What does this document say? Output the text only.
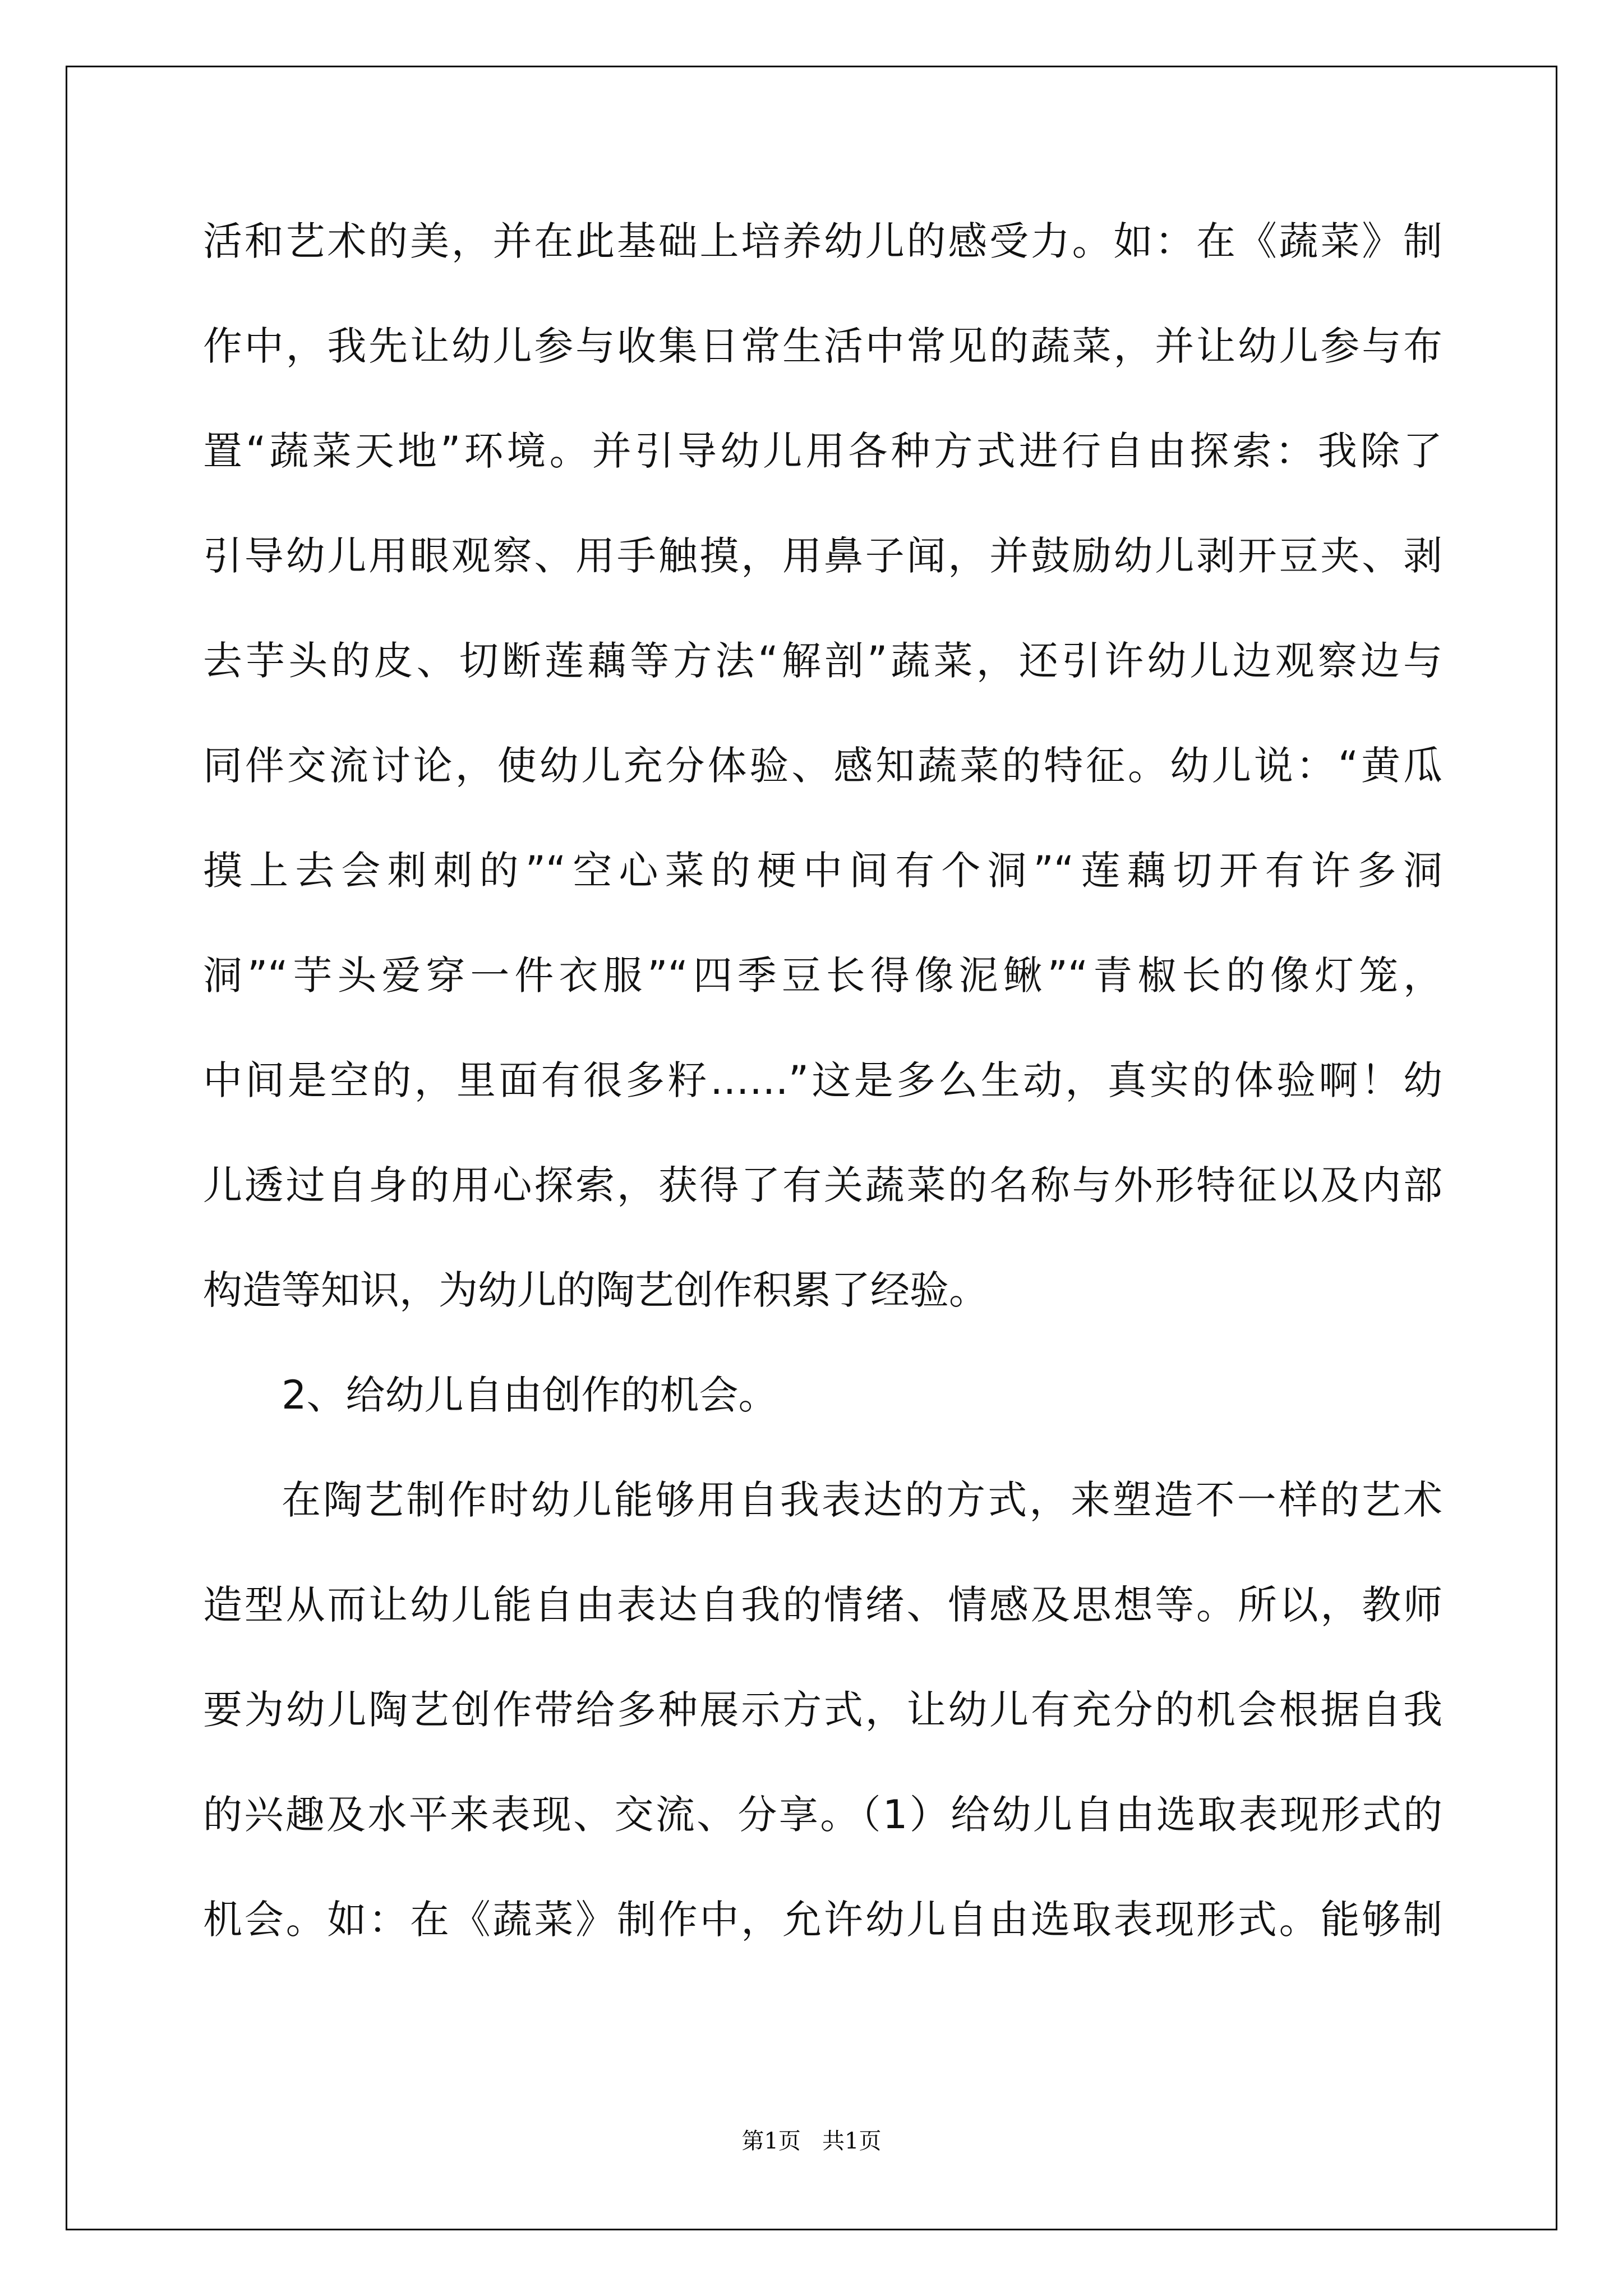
活和艺术的美，并在此基础上培养幼儿的感受力。如：在《蔬菜》制
作中，我先让幼儿参与收集日常生活中常见的蔬菜，并让幼儿参与布
置“蔬菜天地”环境。并引导幼儿用各种方式进行自由探索：我除了
引导幼儿用眼观察、用手触摸，用鼻子闻，并鼓励幼儿剥开豆夹、剥
去芋头的皮、切断莲藕等方法“解剖”蔬菜，还引许幼儿边观察边与
同伴交流讨论，使幼儿充分体验、感知蔬菜的特征。幼儿说：“黄瓜
摸上去会刺刺的”“空心菜的梗中间有个洞”“莲藕切开有许多洞
洞”“芋头爱穿一件衣服”“四季豆长得像泥鳅”“青椒长的像灯笼，
中间是空的，里面有很多籽……”这是多么生动，真实的体验啊！幼
儿透过自身的用心探索，获得了有关蔬菜的名称与外形特征以及内部
构造等知识，为幼儿的陶艺创作积累了经验。
2、给幼儿自由创作的机会。
在陶艺制作时幼儿能够用自我表达的方式，来塑造不一样的艺术
造型从而让幼儿能自由表达自我的情绪、情感及思想等。所以，教师
要为幼儿陶艺创作带给多种展示方式，让幼儿有充分的机会根据自我
的兴趣及水平来表现、交流、分享。（1）给幼儿自由选取表现形式的
机会。如：在《蔬菜》制作中，允许幼儿自由选取表现形式。能够制
第1页   共1页
